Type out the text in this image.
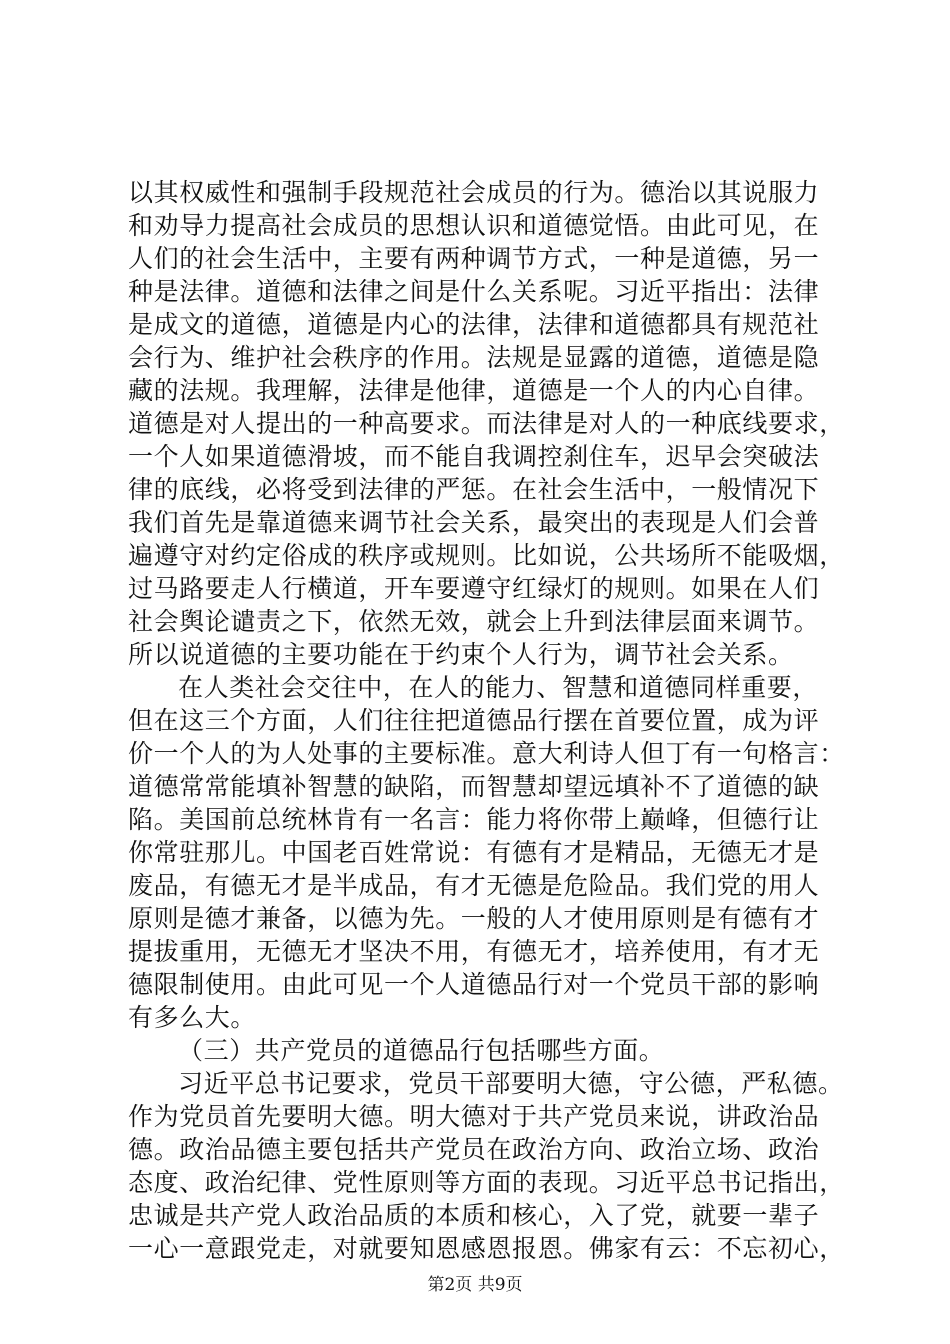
以其权威性和强制手段规范社会成员的行为。德治以其说服力
和劝导力提高社会成员的思想认识和道德觉悟。由此可见，在
人们的社会生活中，主要有两种调节方式，一种是道德，另一
种是法律。道德和法律之间是什么关系呢。习近平指出：法律
是成文的道德，道德是内心的法律，法律和道德都具有规范社
会行为、维护社会秩序的作用。法规是显露的道德，道德是隐
藏的法规。我理解，法律是他律，道德是一个人的内心自律。
道德是对人提出的一种高要求。而法律是对人的一种底线要求，
一个人如果道德滑坡，而不能自我调控刹住车，迟早会突破法
律的底线，必将受到法律的严惩。在社会生活中，一般情况下
我们首先是靠道德来调节社会关系，最突出的表现是人们会普
遍遵守对约定俗成的秩序或规则。比如说，公共场所不能吸烟，
过马路要走人行横道，开车要遵守红绿灯的规则。如果在人们
社会舆论谴责之下，依然无效，就会上升到法律层面来调节。
所以说道德的主要功能在于约束个人行为，调节社会关系。
在人类社会交往中，在人的能力、智慧和道德同样重要，
但在这三个方面，人们往往把道德品行摆在首要位置，成为评
价一个人的为人处事的主要标准。意大利诗人但丁有一句格言：
道德常常能填补智慧的缺陷，而智慧却望远填补不了道德的缺
陷。美国前总统林肯有一名言：能力将你带上巅峰，但德行让
你常驻那儿。中国老百姓常说：有德有才是精品，无德无才是
废品，有德无才是半成品，有才无德是危险品。我们党的用人
原则是德才兼备，以德为先。一般的人才使用原则是有德有才
提拔重用，无德无才坚决不用，有德无才，培养使用，有才无
德限制使用。由此可见一个人道德品行对一个党员干部的影响
有多么大。
（三）共产党员的道德品行包括哪些方面。
习近平总书记要求，党员干部要明大德，守公德，严私德。
作为党员首先要明大德。明大德对于共产党员来说，讲政治品
德。政治品德主要包括共产党员在政治方向、政治立场、政治
态度、政治纪律、党性原则等方面的表现。习近平总书记指出，
忠诚是共产党人政治品质的本质和核心，入了党，就要一辈子
一心一意跟党走，对就要知恩感恩报恩。佛家有云：不忘初心，
第2页 共9页
